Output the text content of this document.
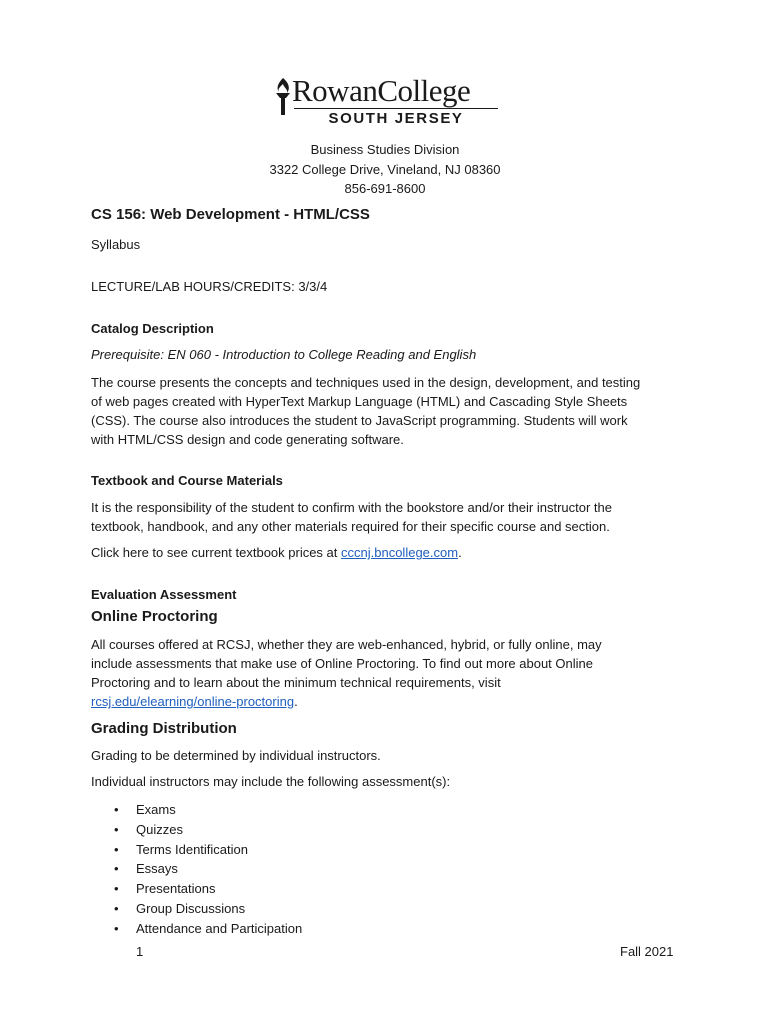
RowanCollege
SOUTH JERSEY
Business Studies Division
3322 College Drive, Vineland, NJ 08360
856-691-8600
CS 156: Web Development - HTML/CSS
Syllabus
LECTURE/LAB HOURS/CREDITS: 3/3/4
Catalog Description
Prerequisite: EN 060 - Introduction to College Reading and English
The course presents the concepts and techniques used in the design, development, and testing
of web pages created with HyperText Markup Language (HTML) and Cascading Style Sheets
(CSS). The course also introduces the student to JavaScript programming. Students will work
with HTML/CSS design and code generating software.
Textbook and Course Materials
It is the responsibility of the student to confirm with the bookstore and/or their instructor the
textbook, handbook, and any other materials required for their specific course and section.
Click here to see current textbook prices at cccnj.bncollege.com.
Evaluation Assessment
Online Proctoring
All courses offered at RCSJ, whether they are web-enhanced, hybrid, or fully online, may
include assessments that make use of Online Proctoring. To find out more about Online
Proctoring and to learn about the minimum technical requirements, visit
rcsj.edu/elearning/online-proctoring.
Grading Distribution
Grading to be determined by individual instructors.
Individual instructors may include the following assessment(s):
• Exams
• Quizzes
• Terms Identification
• Essays
• Presentations
• Group Discussions
• Attendance and Participation
1	Fall 2021
